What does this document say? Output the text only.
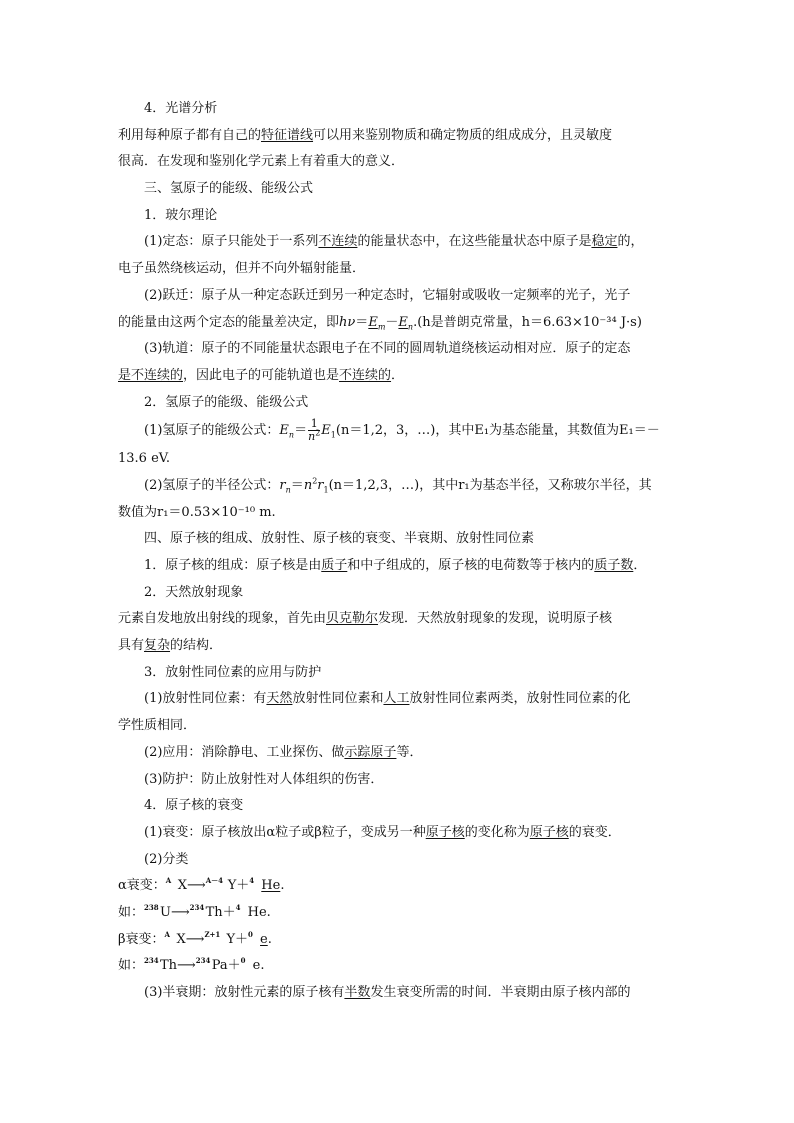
4．光谱分析
利用每种原子都有自己的特征谱线可以用来鉴别物质和确定物质的组成成分，且灵敏度
很高．在发现和鉴别化学元素上有着重大的意义．
三、氢原子的能级、能级公式
1．玻尔理论
(1)定态：原子只能处于一系列不连续的能量状态中，在这些能量状态中原子是稳定的，
电子虽然绕核运动，但并不向外辐射能量．
(2)跃迁：原子从一种定态跃迁到另一种定态时，它辐射或吸收一定频率的光子，光子
的能量由这两个定态的能量差决定，即$h\nu=E_m-E_n.(h$是普朗克常量，h＝6.63×10⁻³⁴ J·s)
(3)轨道：原子的不同能量状态跟电子在不同的圆周轨道绕核运动相对应．原子的定态
是不连续的，因此电子的可能轨道也是不连续的．
2．氢原子的能级、能级公式
(1)氢原子的能级公式：$E_n= \frac{1}{n^2} E_1(n=1,2$，3，…)，其中E₁为基态能量，其数值为E₁＝－
13.6 eV.
(2)氢原子的半径公式：$r_n=n^2r_1(n=1,2,3$，…)，其中r₁为基态半径，又称玻尔半径，其
数值为r₁＝0.53×10⁻¹⁰ m.
四、原子核的组成、放射性、原子核的衰变、半衰期、放射性同位素
1．原子核的组成：原子核是由质子和中子组成的，原子核的电荷数等于核内的质子数．
2．天然放射现象
元素自发地放出射线的现象，首先由贝克勒尔发现．天然放射现象的发现，说明原子核
具有复杂的结构．
3．放射性同位素的应用与防护
(1)放射性同位素：有天然放射性同位素和人工放射性同位素两类，放射性同位素的化
学性质相同．
(2)应用：消除静电、工业探伤、做示踪原子等．
(3)防护：防止放射性对人体组织的伤害．
4．原子核的衰变
(1)衰变：原子核放出α粒子或β粒子，变成另一种原子核的变化称为原子核的衰变．
(2)分类
α衰变： A X⟶ A－4 Y＋ 4 He.
如： 238 U⟶ 234 Th＋ 4 He.
β衰变： A X⟶ Z+1 Y＋ 0 e.
如： 234 Th⟶ 234 Pa＋ 0 e.
(3)半衰期：放射性元素的原子核有半数发生衰变所需的时间．半衰期由原子核内部的
